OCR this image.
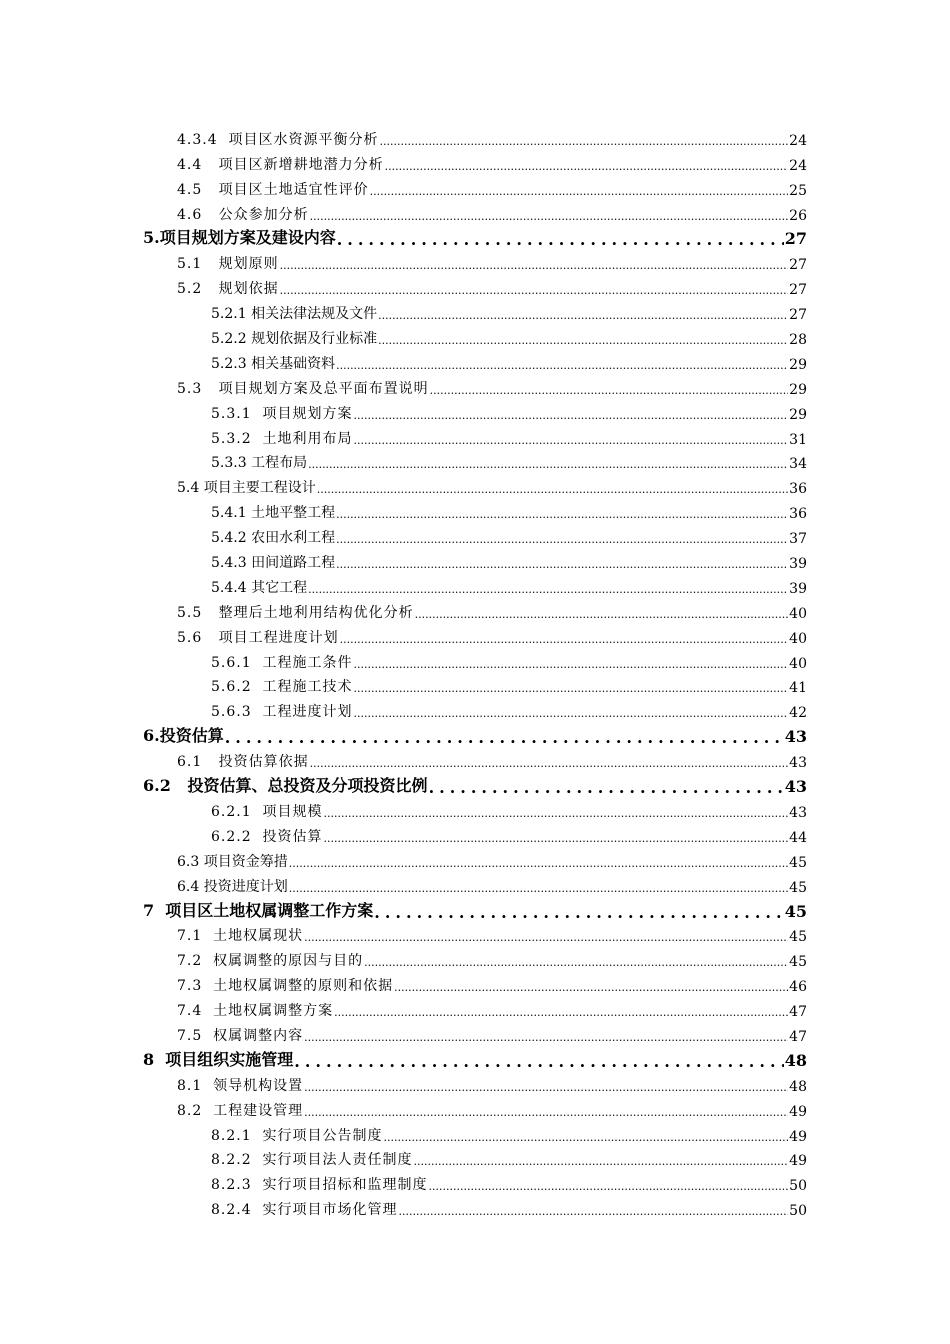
4.3.4  项目区水资源平衡分析 .....	24
4.4   项目区新增耕地潜力分析 .....	24
4.5   项目区土地适宜性评价 .....	25
4.6   公众参加分析 .....	26
5.项目规划方案及建设内容 .....	27
5.1   规划原则 .....	27
5.2   规划依据 .....	27
5.2.1 相关法律法规及文件 .....	27
5.2.2 规划依据及行业标准 .....	28
5.2.3 相关基础资料 .....	29
5.3   项目规划方案及总平面布置说明 .....	29
5.3.1  项目规划方案 .....	29
5.3.2  土地利用布局 .....	31
5.3.3 工程布局 .....	34
5.4 项目主要工程设计 .....	36
5.4.1 土地平整工程 .....	36
5.4.2 农田水利工程 .....	37
5.4.3 田间道路工程 .....	39
5.4.4 其它工程 .....	39
5.5   整理后土地利用结构优化分析 .....	40
5.6   项目工程进度计划 .....	40
5.6.1  工程施工条件 .....	40
5.6.2  工程施工技术 .....	41
5.6.3  工程进度计划 .....	42
6.投资估算 .....	43
6.1   投资估算依据 .....	43
6.2   投资估算、总投资及分项投资比例 .....	43
6.2.1  项目规模 .....	43
6.2.2  投资估算 .....	44
6.3 项目资金筹措 .....	45
6.4 投资进度计划 .....	45
7  项目区土地权属调整工作方案 .....	45
7.1  土地权属现状 .....	45
7.2  权属调整的原因与目的 .....	45
7.3  土地权属调整的原则和依据 .....	46
7.4  土地权属调整方案 .....	47
7.5  权属调整内容 .....	47
8  项目组织实施管理 .....	48
8.1  领导机构设置 .....	48
8.2  工程建设管理 .....	49
8.2.1  实行项目公告制度 .....	49
8.2.2  实行项目法人责任制度 .....	49
8.2.3  实行项目招标和监理制度 .....	50
8.2.4  实行项目市场化管理 .....	50
